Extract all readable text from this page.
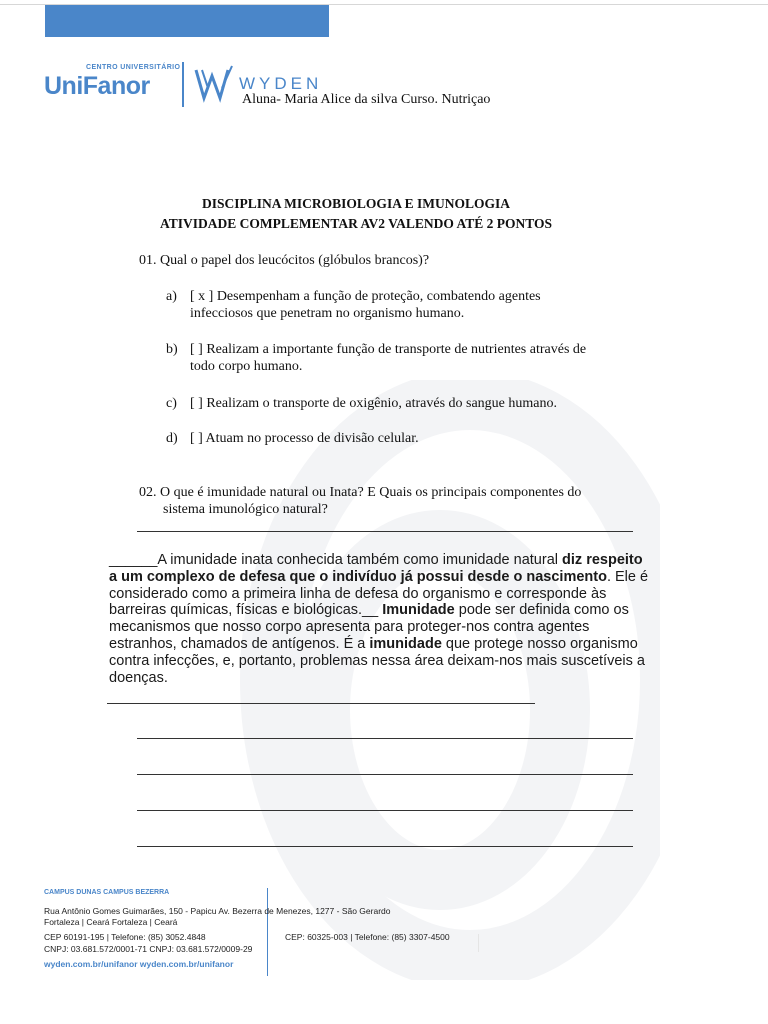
CENTRO UNIVERSITÁRIO
UniFanor	WYDEN
Aluna- Maria Alice da silva Curso. Nutriçao
DISCIPLINA MICROBIOLOGIA E IMUNOLOGIA
ATIVIDADE COMPLEMENTAR AV2 VALENDO ATÉ 2 PONTOS
01. Qual o papel dos leucócitos (glóbulos brancos)?
a) [ x ] Desempenham a função de proteção, combatendo agentes
infecciosos que penetram no organismo humano.
b) [ ] Realizam a importante função de transporte de nutrientes através de
todo corpo humano.
c) [ ] Realizam o transporte de oxigênio, através do sangue humano.
d) [ ] Atuam no processo de divisão celular.
02. O que é imunidade natural ou Inata? E Quais os principais componentes do
sistema imunológico natural?
______A imunidade inata conhecida também como imunidade natural diz respeito a um complexo de defesa que o indivíduo já possui desde o nascimento. Ele é considerado como a primeira linha de defesa do organismo e corresponde às barreiras químicas, físicas e biológicas.__ Imunidade pode ser definida como os mecanismos que nosso corpo apresenta para proteger-nos contra agentes estranhos, chamados de antígenos. É a imunidade que protege nosso organismo contra infecções, e, portanto, problemas nessa área deixam-nos mais suscetíveis a doenças.
CAMPUS DUNAS CAMPUS BEZERRA
Rua Antônio Gomes Guimarães, 150 - Papicu Av. Bezerra de Menezes, 1277 - São Gerardo
Fortaleza | Ceará Fortaleza | Ceará
CEP 60191-195 | Telefone: (85) 3052.4848	CEP: 60325-003 | Telefone: (85) 3307-4500
CNPJ: 03.681.572/0001-71 CNPJ: 03.681.572/0009-29
wyden.com.br/unifanor wyden.com.br/unifanor
